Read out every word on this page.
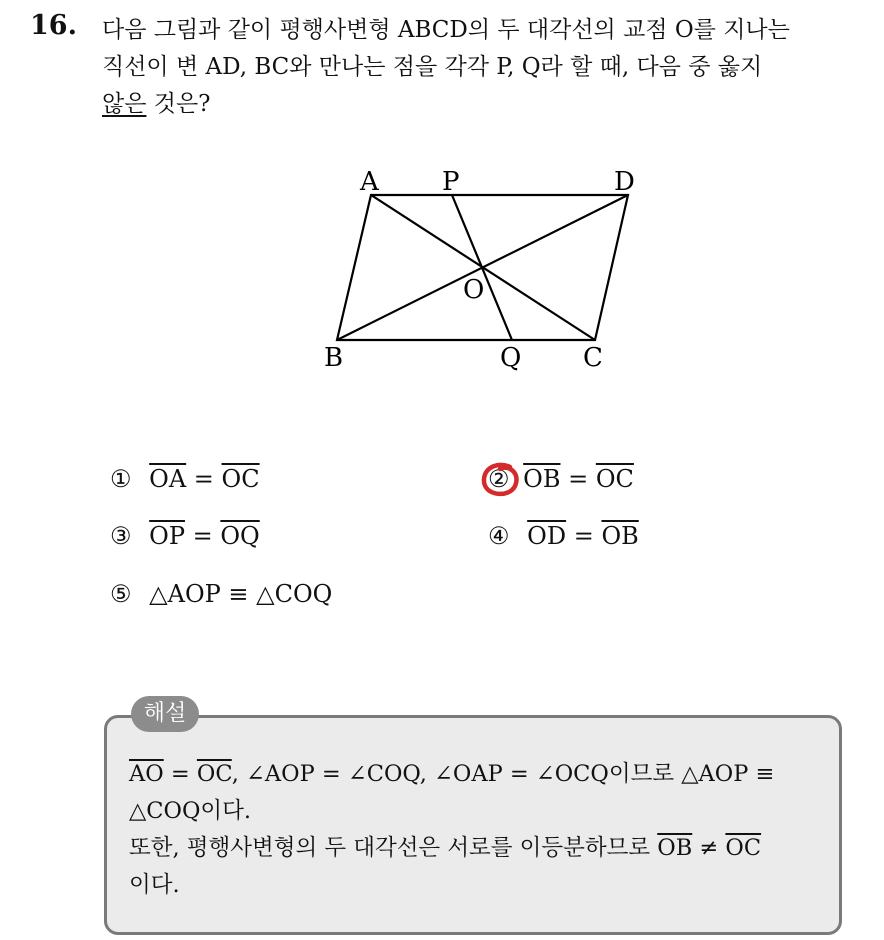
16. 다음 그림과 같이 평행사변형 ABCD의 두 대각선의 교점 O를 지나는
직선이 변 AD, BC와 만나는 점을 각각 P, Q라 할 때, 다음 중 옳지
않은 것은?
A P	D
O
B	Q C
① $\overline{OA} = \overline{OC}$	② $\overline{OB} = \overline{OC}$
③ $\overline{OP} = \overline{OQ}$	④ $\overline{OD} = \overline{OB}$
⑤ △AOP ≡ △COQ
해설
$\overline{AO} = \overline{OC}$, ∠AOP = ∠COQ, ∠OAP = ∠OCQ이므로 △AOP ≡
△COQ이다.
또한, 평행사변형의 두 대각선은 서로를 이등분하므로 $\overline{OB} \ne \overline{OC}$
이다.
